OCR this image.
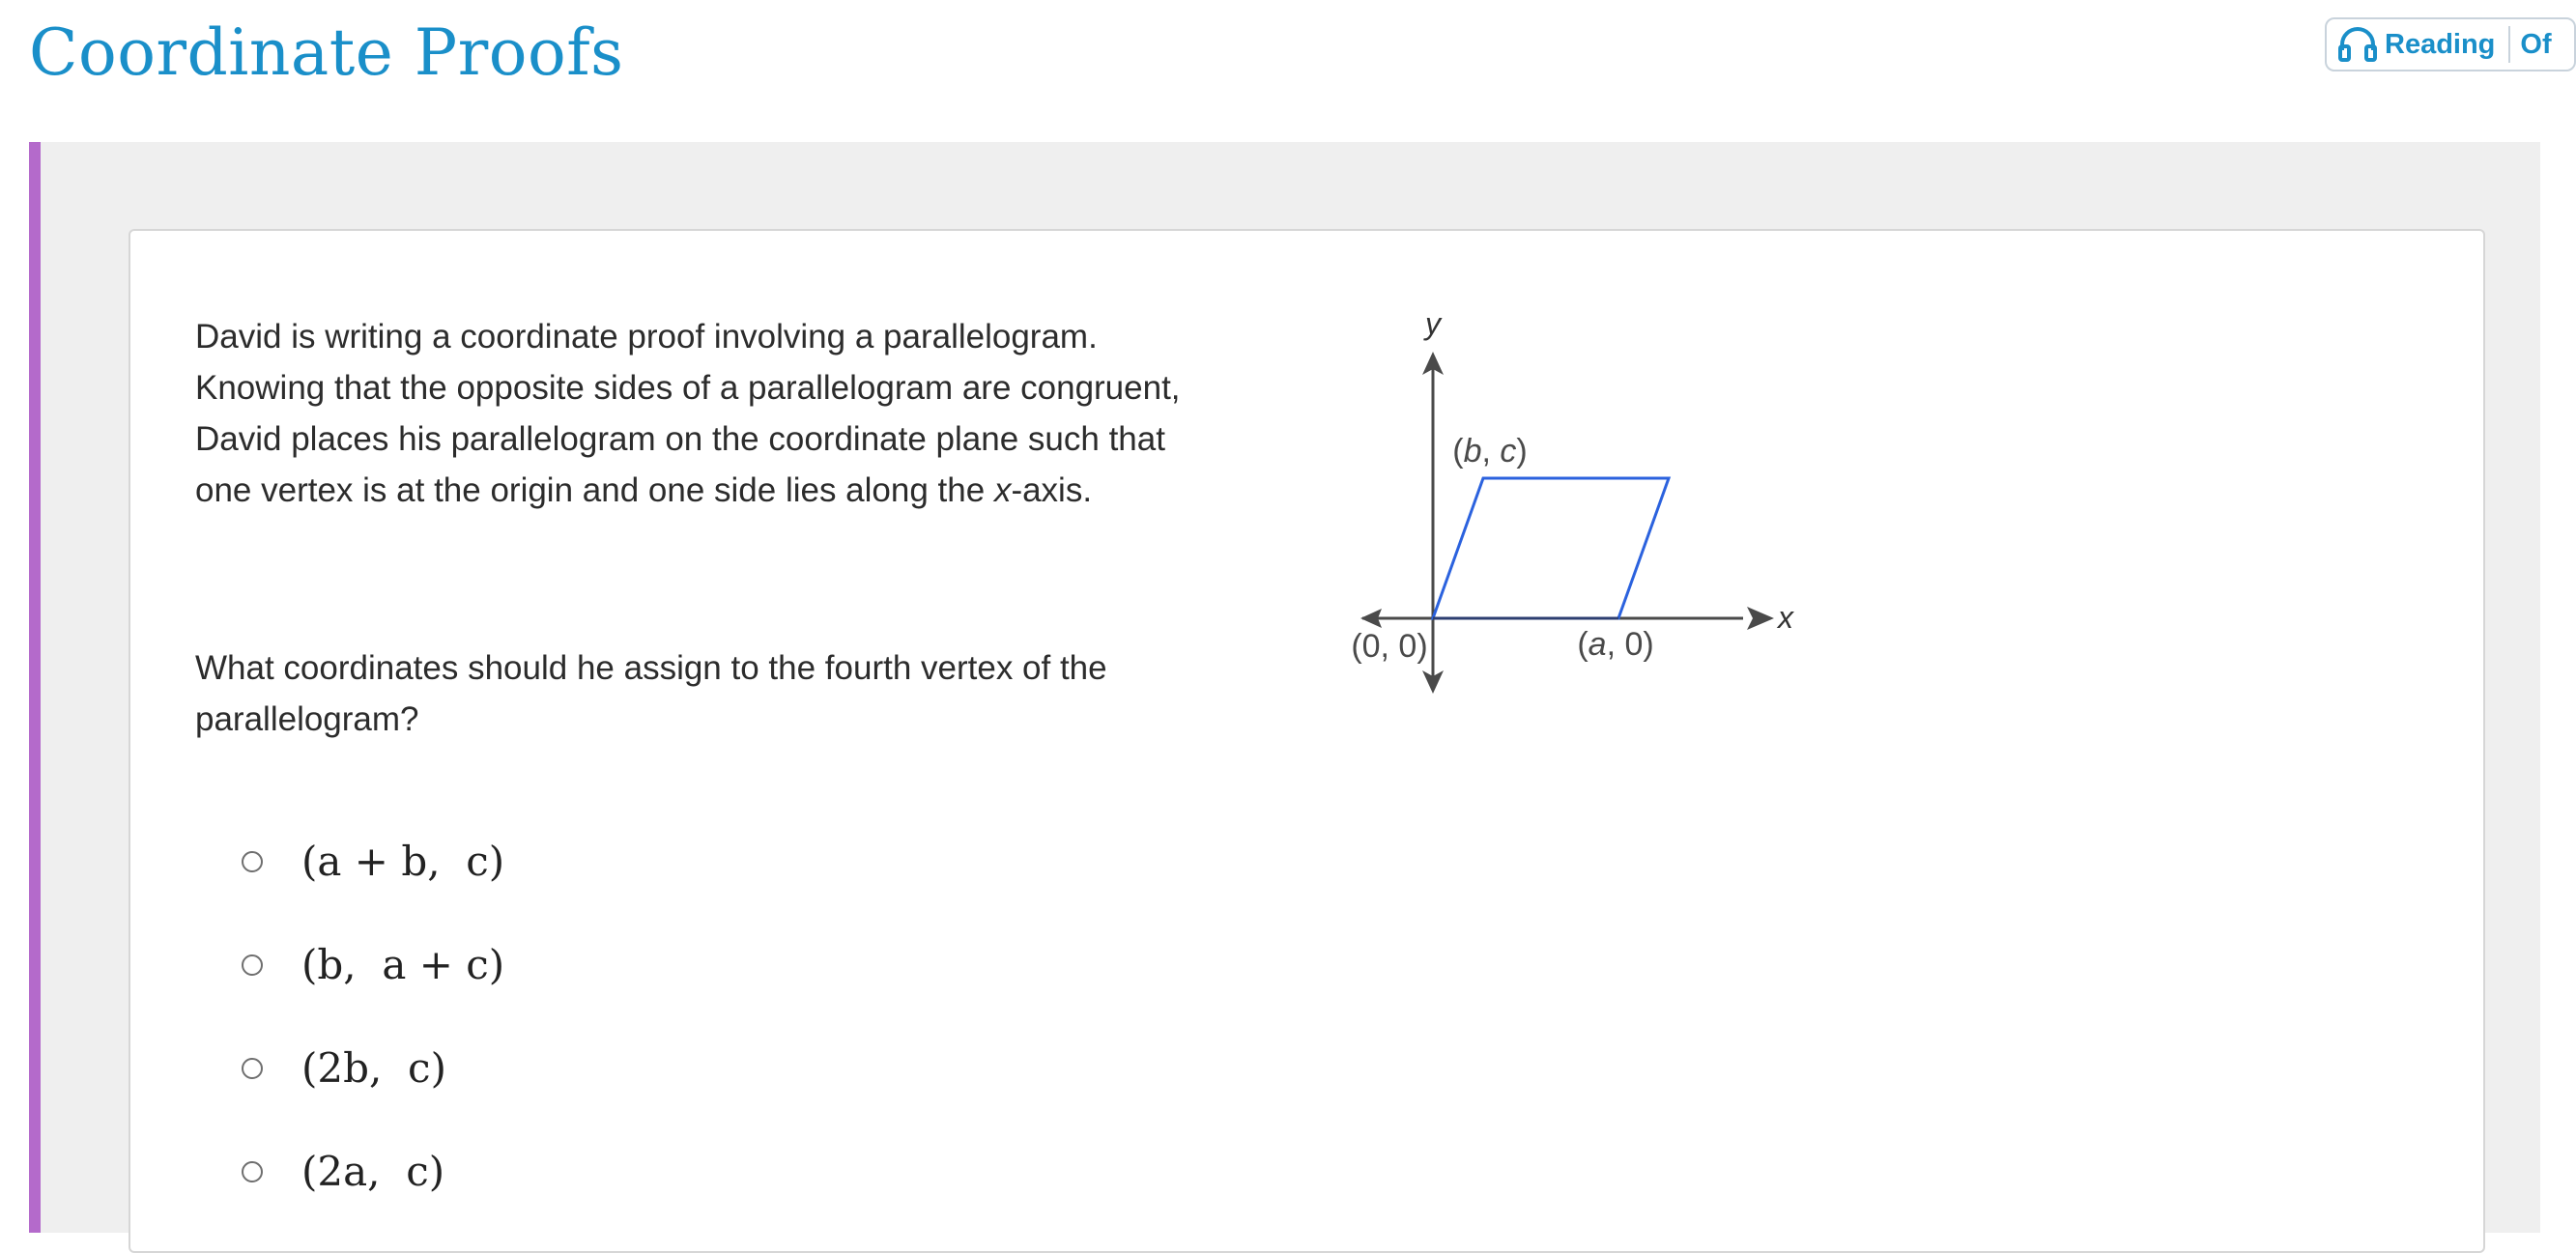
Coordinate Proofs	Reading Of

David is writing a coordinate proof involving a parallelogram.
Knowing that the opposite sides of a parallelogram are congruent,
David places his parallelogram on the coordinate plane such that
one vertex is at the origin and one side lies along the x-axis.

What coordinates should he assign to the fourth vertex of the parallelogram?

y
x
(b, c)
(0, 0)	(a, 0)
(a + b,  c)
(b,  a + c)
(2b,  c)
(2a,  c)
